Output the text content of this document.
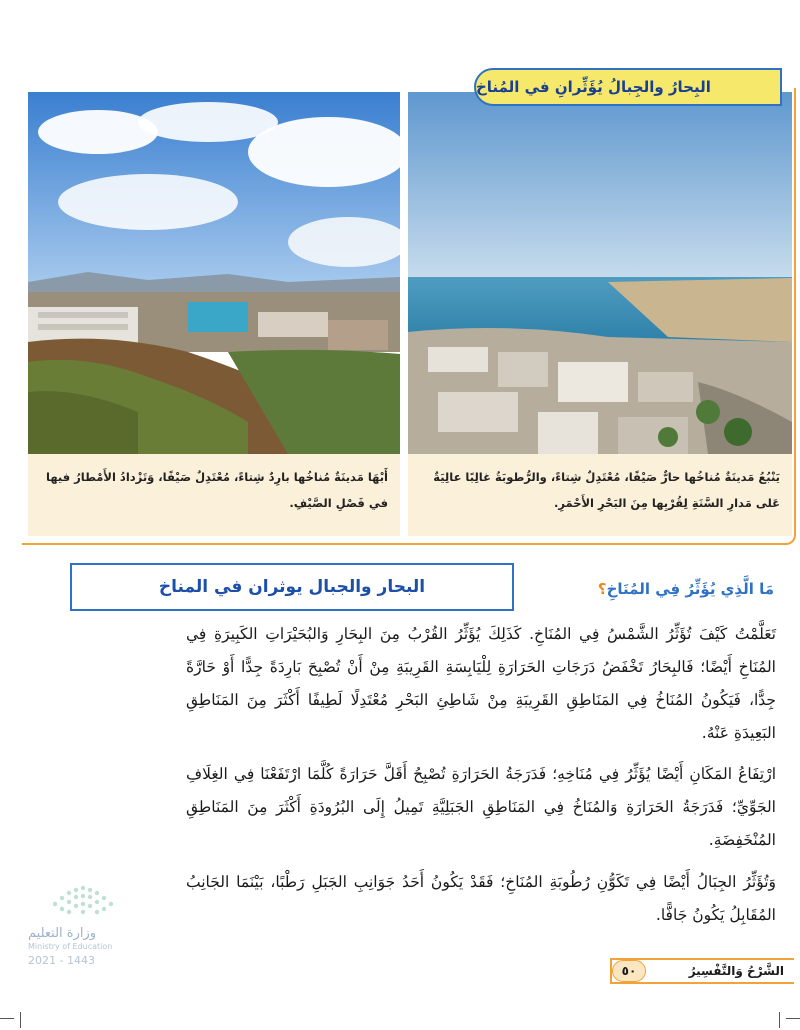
أَبْهَا مَدينَةٌ مُناخُها بارِدٌ شِتاءً، مُعْتَدِلٌ صَيْفًا، وَتَزْدادُ الأَمْطارُ فيها في فَصْلِ الصَّيْفِ.
يَنْبُعُ مَدينَةٌ مُناخُها حارٌّ صَيْفًا، مُعْتَدِلٌ شِتاءً، والرُّطوبَةُ غالِبًا عالِيَةٌ عَلى مَدارِ السَّنَةِ لِقُرْبِها مِنَ البَحْرِ الأَحْمَرِ.
البِحارُ والجِبالُ يُؤَثِّرانِ في المُناخ
مَا الَّذِي يُؤَثِّرُ فِي المُنَاخِ؟
البحار والجبال يوثران في المناخ
تَعَلَّمْتُ كَيْفَ تُؤَثِّرُ الشَّمْسُ فِي المُنَاخِ. كَذَلِكَ يُؤَثِّرُ القُرْبُ مِنَ البِحَارِ وَالبُحَيْرَاتِ الكَبِيرَةِ فِي المُنَاخِ أَيْضًا؛ فَالبِحَارُ تَخْفَضُ دَرَجَاتِ الحَرَارَةِ لِلْيَابِسَةِ القَرِيبَةِ مِنْ أَنْ تُصْبِحَ بَارِدَةً جِدًّا أَوْ حَارَّةً جِدًّا، فَيَكُونُ المُنَاخُ فِي المَنَاطِقِ القَرِيبَةِ مِنْ شَاطِئِ البَحْرِ مُعْتَدِلًا لَطِيفًا أَكْثَرَ مِنَ المَنَاطِقِ البَعِيدَةِ عَنْهُ.
ارْتِفَاعُ المَكَانِ أَيْضًا يُؤَثِّرُ فِي مُنَاخِهِ؛ فَدَرَجَةُ الحَرَارَةِ تُصْبِحُ أَقَلَّ حَرَارَةً كُلَّمَا ارْتَفَعْنَا فِي الغِلَافِ الجَوِّيِّ؛ فَدَرَجَةُ الحَرَارَةِ وَالمُنَاخُ فِي المَنَاطِقِ الجَبَلِيَّةِ تَمِيلُ إِلَى البُرُودَةِ أَكْثَرَ مِنَ المَنَاطِقِ المُنْخَفِضَةِ.
وَتُؤَثِّرُ الجِبَالُ أَيْضًا فِي تَكَوُّنِ رُطُوبَةِ المُنَاخِ؛ فَقَدْ يَكُونُ أَحَدُ جَوَانِبِ الجَبَلِ رَطْبًا، بَيْنَمَا الجَانِبُ المُقَابِلُ يَكُونُ جَافًّا.
وزارة التعليم
Ministry of Education
2021 - 1443
الشَّرْحُ وَالتَّفْسِيرُ
٥٠
